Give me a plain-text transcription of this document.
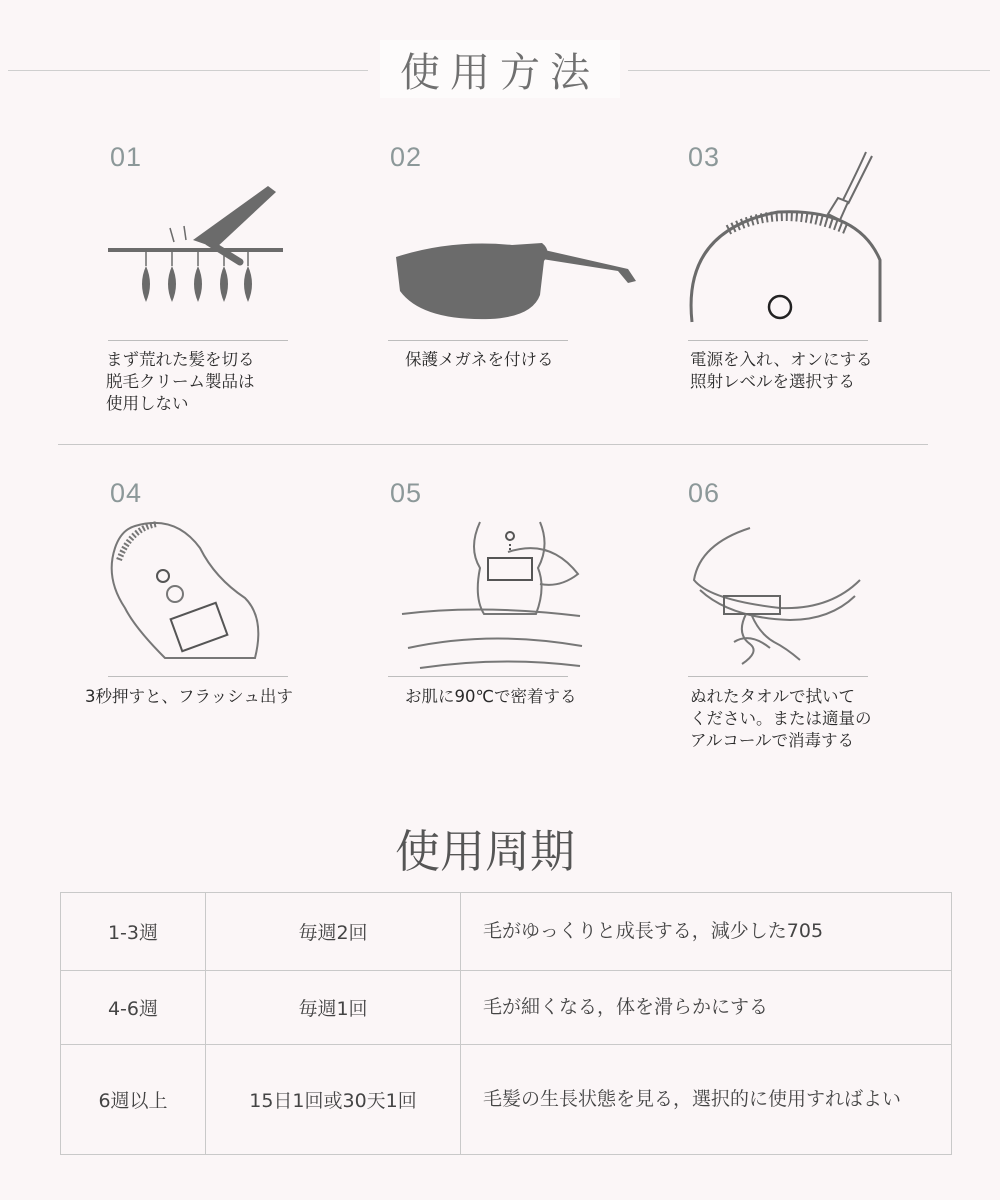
使用方法
01
まず荒れた髪を切る
脱毛クリーム製品は
使用しない
02
保護メガネを付ける
03
電源を入れ、オンにする
照射レベルを選択する
04
3秒押すと、フラッシュ出す
05
お肌に90℃で密着する
06
ぬれたタオルで拭いて
ください。または適量の
アルコールで消毒する
使用周期
1-3週	毎週2回	毛がゆっくりと成長する，減少した705
4-6週	毎週1回	毛が細くなる，体を滑らかにする
6週以上	15日1回或30天1回	毛髪の生長状態を見る，選択的に使用すればよい
